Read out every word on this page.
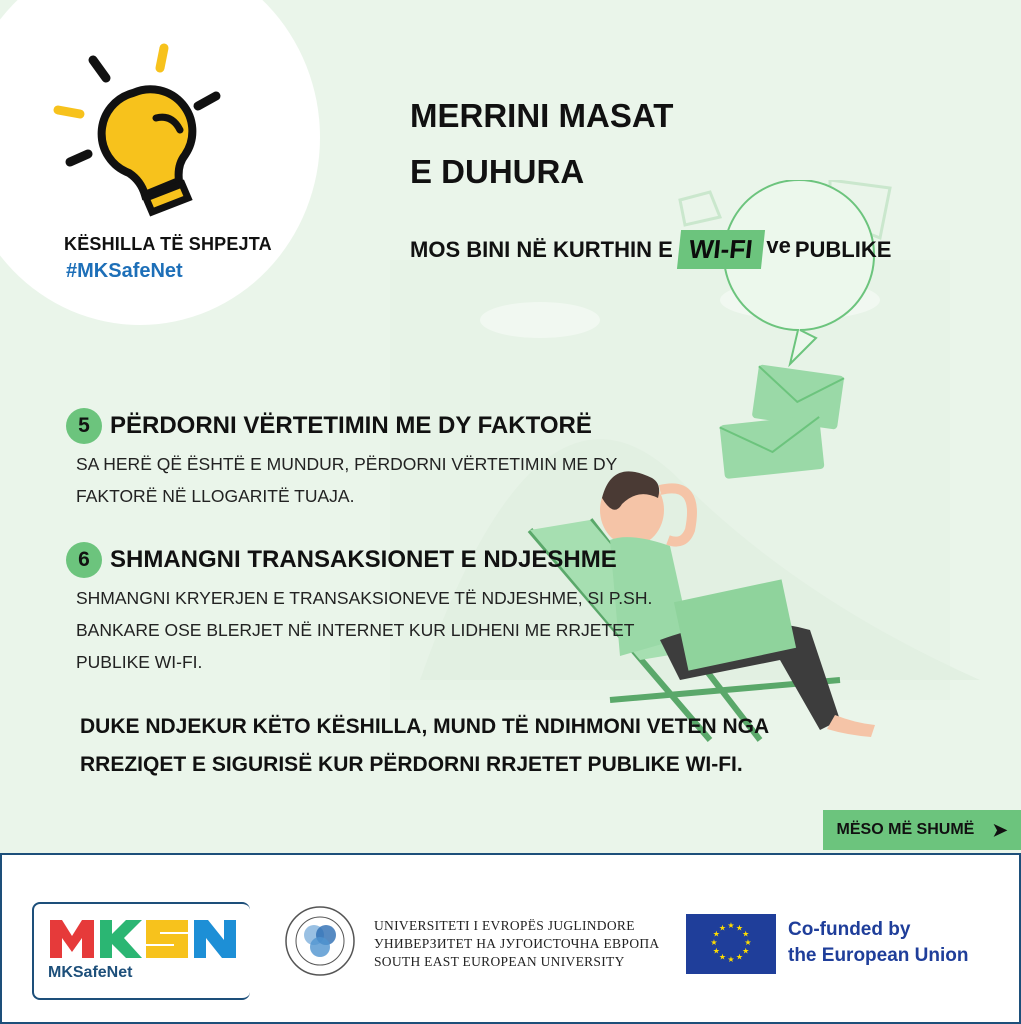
KËSHILLA TË SHPEJTA
#MKSafeNet
MERRINI MASAT
E DUHURA
MOS BINI NË KURTHIN E WI-FI ve PUBLIKE
5 PËRDORNI VËRTETIMIN ME DY FAKTORË
SA HERË QË ËSHTË E MUNDUR, PËRDORNI VËRTETIMIN ME DY
FAKTORË NË LLOGARITË TUAJA.
6 SHMANGNI TRANSAKSIONET E NDJESHME
SHMANGNI KRYERJEN E TRANSAKSIONEVE TË NDJESHME, SI P.SH.
BANKARE OSE BLERJET NË INTERNET KUR LIDHENI ME RRJETET
PUBLIKE WI-FI.
DUKE NDJEKUR KËTO KËSHILLA, MUND TË NDIHMONI VETEN NGA
RREZIQET E SIGURISË KUR PËRDORNI RRJETET PUBLIKE WI-FI.
MËSO MË SHUMË ➤
MKSafeNet
UNIVERSITETI I EVROPËS JUGLINDORE
УНИВЕРЗИТЕТ НА ЈУГОИСТОЧНА ЕВРОПА
SOUTH EAST EUROPEAN UNIVERSITY
★ ★
★
★
★
★
★
★
★
★
★
★	Co-funded by
the European Union
